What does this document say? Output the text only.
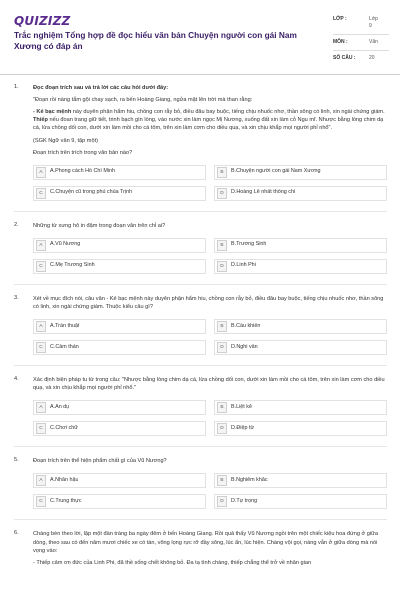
QUIZIZZ
Trắc nghiệm Tổng hợp đề đọc hiểu văn bản Chuyện người con gái Nam Xương có đáp án
LỚP :	Lớp 9
MÔN :	Văn
SỐ CÂU :	20
1.	Đọc đoạn trích sau và trả lời các câu hỏi dưới đây:

"Đoạn rồi nàng tắm gội chay sạch, ra bến Hoàng Giang, ngửa mặt lên trời mà than rằng:

- Kẻ bạc mệnh này duyên phận hẩm hiu, chồng con rẫy bỏ, điều đâu bay buộc, tiếng chịu nhuốc nhơ, thần sông có linh, xin ngài chứng giám. Thiếp nếu đoan trang giữ tiết, trinh bạch gìn lòng, vào nước xin làm ngọc Mị Nương, xuống đất xin làm cỏ Ngu mĩ. Nhược bằng lòng chim dạ cá, lừa chồng dối con, dưới xin làm mồi cho cá tôm, trên xin làm cơm cho diều quạ, và xin chịu khắp mọi người phỉ nhổ".

(SGK Ngữ văn 9, tập một)

Đoạn trích trên trích trong văn bản nào?

A	A.Phong cách Hồ Chí Minh	B	B.Chuyện người con gái Nam Xương
C	C.Chuyện cũ trong phủ chúa Trịnh	D	D.Hoàng Lê nhất thống chí
2.	Những từ xưng hô in đậm trong đoạn văn trên chỉ ai?

A	A.Vũ Nương	B	B.Trương Sinh
C	C.Mẹ Trương Sinh	D	D.Linh Phi
3.	Xét về mục đích nói, câu văn - Kẻ bạc mệnh này duyên phận hẩm hiu, chồng con rẫy bỏ, điều đâu bay buộc, tiếng chịu nhuốc nhơ, thần sông có linh, xin ngài chứng giám. Thuộc kiểu câu gì?

A	A.Trần thuật	B	B.Cầu khiến
C	C.Cảm thán	D	D.Nghi vấn
4.	Xác định biện pháp tu từ trong câu: "Nhược bằng lòng chim dạ cá, lừa chồng dối con, dưới xin làm mồi cho cá tôm, trên xin làm cơm cho diều quạ, và xin chịu khắp mọi người phỉ nhổ."

A	A.Ẩn dụ	B	B.Liệt kê
C	C.Chơi chữ	D	D.Điệp từ
5.	Đoạn trích trên thể hiện phẩm chất gì của Vũ Nương?

A	A.Nhân hậu	B	B.Nghiêm khắc
C	C.Trung thực	D	D.Tự trọng
6.	Chàng bèn theo lời, lập một đàn tràng ba ngày đêm ở bến Hoàng Giang. Rồi quả thấy Vũ Nương ngồi trên một chiếc kiệu hoa đứng ở giữa dòng, theo sau có đến năm mươi chiếc xe có tán, võng lọng rực rỡ đầy sông, lúc ẩn, lúc hiện. Chàng vội gọi, nàng vẫn ở giữa dòng mà nói vọng vào:

- Thiếp cảm ơn đức của Linh Phi, đã thề sống chết không bỏ. Đa tạ tình chàng, thiếp chẳng thể trở về nhân gian
